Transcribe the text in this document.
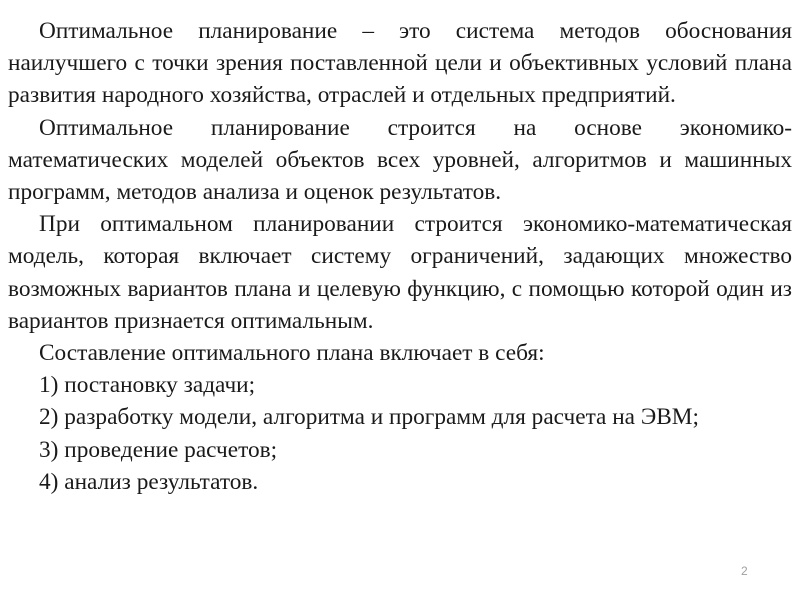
Оптимальное планирование – это система методов обоснования наилучшего с точки зрения поставленной цели и объективных условий плана развития народного хозяйства, отраслей и отдельных предприятий.

Оптимальное планирование строится на основе экономико-математических моделей объектов всех уровней, алгоритмов и машинных программ, методов анализа и оценок результатов.

При оптимальном планировании строится экономико-математическая модель, которая включает систему ограничений, задающих множество возможных вариантов плана и целевую функцию, с помощью которой один из вариантов признается оптимальным.

Составление оптимального плана включает в себя:

1) постановку задачи;

2) разработку модели, алгоритма и программ для расчета на ЭВМ;

3) проведение расчетов;

4) анализ результатов.

2
